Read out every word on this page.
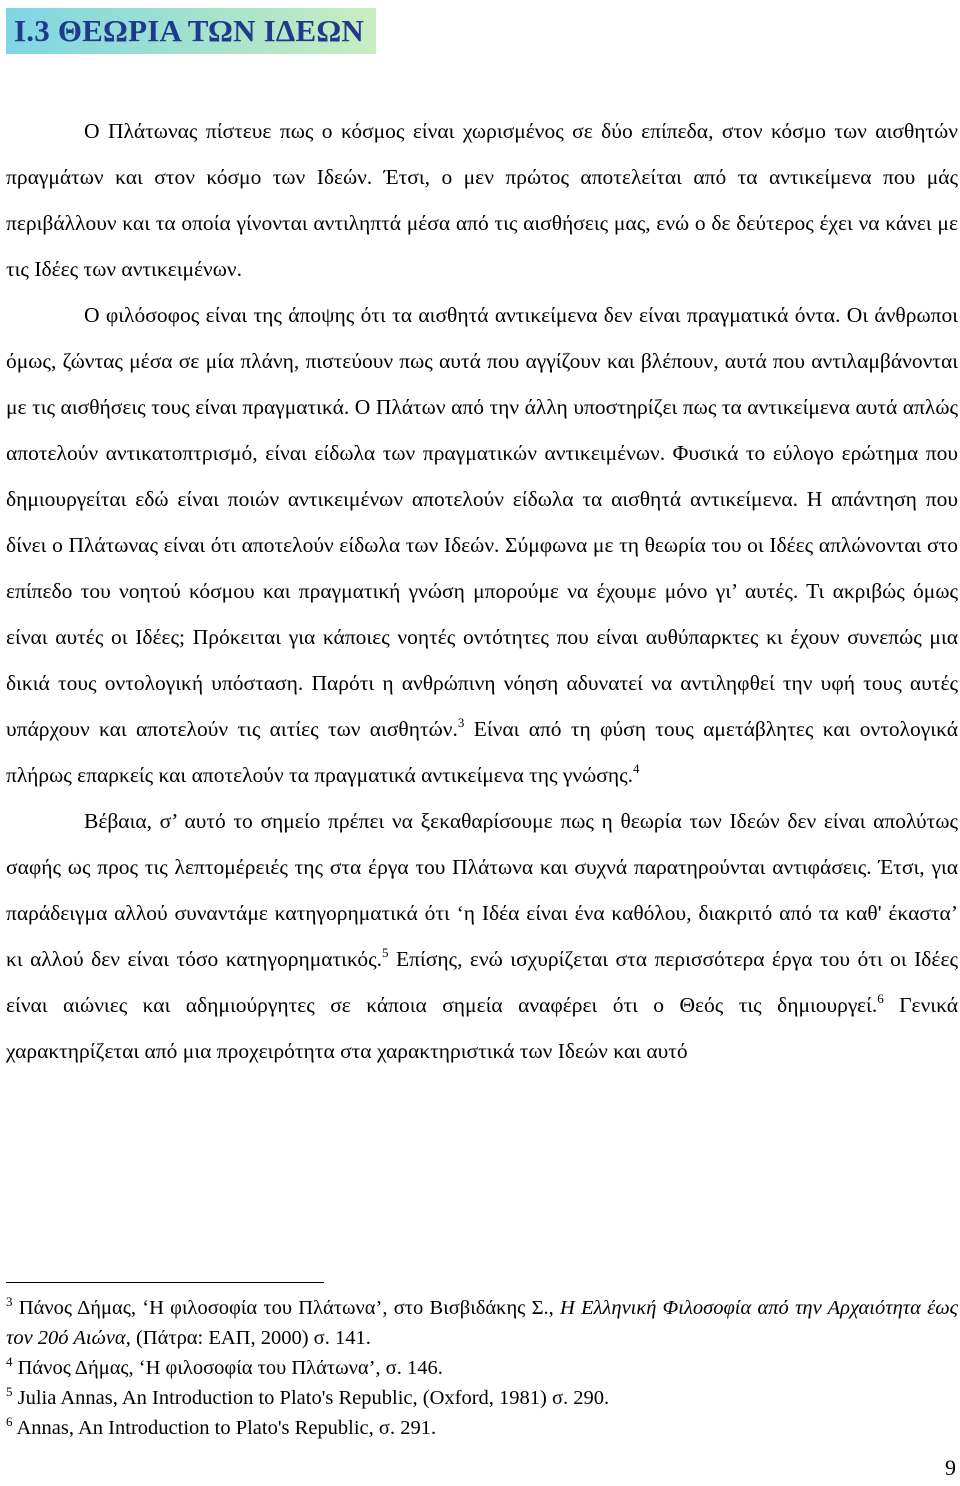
Ι.3 ΘΕΩΡΙΑ ΤΩΝ ΙΔΕΩΝ

Ο Πλάτωνας πίστευε πως ο κόσμος είναι χωρισμένος σε δύο επίπεδα, στον κόσμο των αισθητών πραγμάτων και στον κόσμο των Ιδεών. Έτσι, ο μεν πρώτος αποτελείται από τα αντικείμενα που μάς περιβάλλουν και τα οποία γίνονται αντιληπτά μέσα από τις αισθήσεις μας, ενώ ο δε δεύτερος έχει να κάνει με τις Ιδέες των αντικειμένων.

Ο φιλόσοφος είναι της άποψης ότι τα αισθητά αντικείμενα δεν είναι πραγματικά όντα. Οι άνθρωποι όμως, ζώντας μέσα σε μία πλάνη, πιστεύουν πως αυτά που αγγίζουν και βλέπουν, αυτά που αντιλαμβάνονται με τις αισθήσεις τους είναι πραγματικά. Ο Πλάτων από την άλλη υποστηρίζει πως τα αντικείμενα αυτά απλώς αποτελούν αντικατοπτρισμό, είναι είδωλα των πραγματικών αντικειμένων. Φυσικά το εύλογο ερώτημα που δημιουργείται εδώ είναι ποιών αντικειμένων αποτελούν είδωλα τα αισθητά αντικείμενα. Η απάντηση που δίνει ο Πλάτωνας είναι ότι αποτελούν είδωλα των Ιδεών. Σύμφωνα με τη θεωρία του οι Ιδέες απλώνονται στο επίπεδο του νοητού κόσμου και πραγματική γνώση μπορούμε να έχουμε μόνο γι’ αυτές. Τι ακριβώς όμως είναι αυτές οι Ιδέες; Πρόκειται για κάποιες νοητές οντότητες που είναι αυθύπαρκτες κι έχουν συνεπώς μια δικιά τους οντολογική υπόσταση. Παρότι η ανθρώπινη νόηση αδυνατεί να αντιληφθεί την υφή τους αυτές υπάρχουν και αποτελούν τις αιτίες των αισθητών.$^3$ Είναι από τη φύση τους αμετάβλητες και οντολογικά πλήρως επαρκείς και αποτελούν τα πραγματικά αντικείμενα της γνώσης.$^4$

Βέβαια, σ’ αυτό το σημείο πρέπει να ξεκαθαρίσουμε πως η θεωρία των Ιδεών δεν είναι απολύτως σαφής ως προς τις λεπτομέρειές της στα έργα του Πλάτωνα και συχνά παρατηρούνται αντιφάσεις. Έτσι, για παράδειγμα αλλού συναντάμε κατηγορηματικά ότι ‘η Ιδέα είναι ένα καθόλου, διακριτό από τα καθ' έκαστα’ κι αλλού δεν είναι τόσο κατηγορηματικός.$^5$ Επίσης, ενώ ισχυρίζεται στα περισσότερα έργα του ότι οι Ιδέες είναι αιώνιες και αδημιούργητες σε κάποια σημεία αναφέρει ότι ο Θεός τις δημιουργεί.$^6$ Γενικά χαρακτηρίζεται από μια προχειρότητα στα χαρακτηριστικά των Ιδεών και αυτό

$^3$ Πάνος Δήμας, ‘Η φιλοσοφία του Πλάτωνα’, στο Βισβιδάκης Σ., Η Ελληνική Φιλοσοφία από την Αρχαιότητα έως τον 20ό Αιώνα, (Πάτρα: ΕΑΠ, 2000) σ. 141.
$^4$ Πάνος Δήμας, ‘Η φιλοσοφία του Πλάτωνα’, σ. 146.
$^5$ Julia Annas, An Introduction to Plato's Republic, (Oxford, 1981) σ. 290.
$^6$ Annas, An Introduction to Plato's Republic, σ. 291.
9
